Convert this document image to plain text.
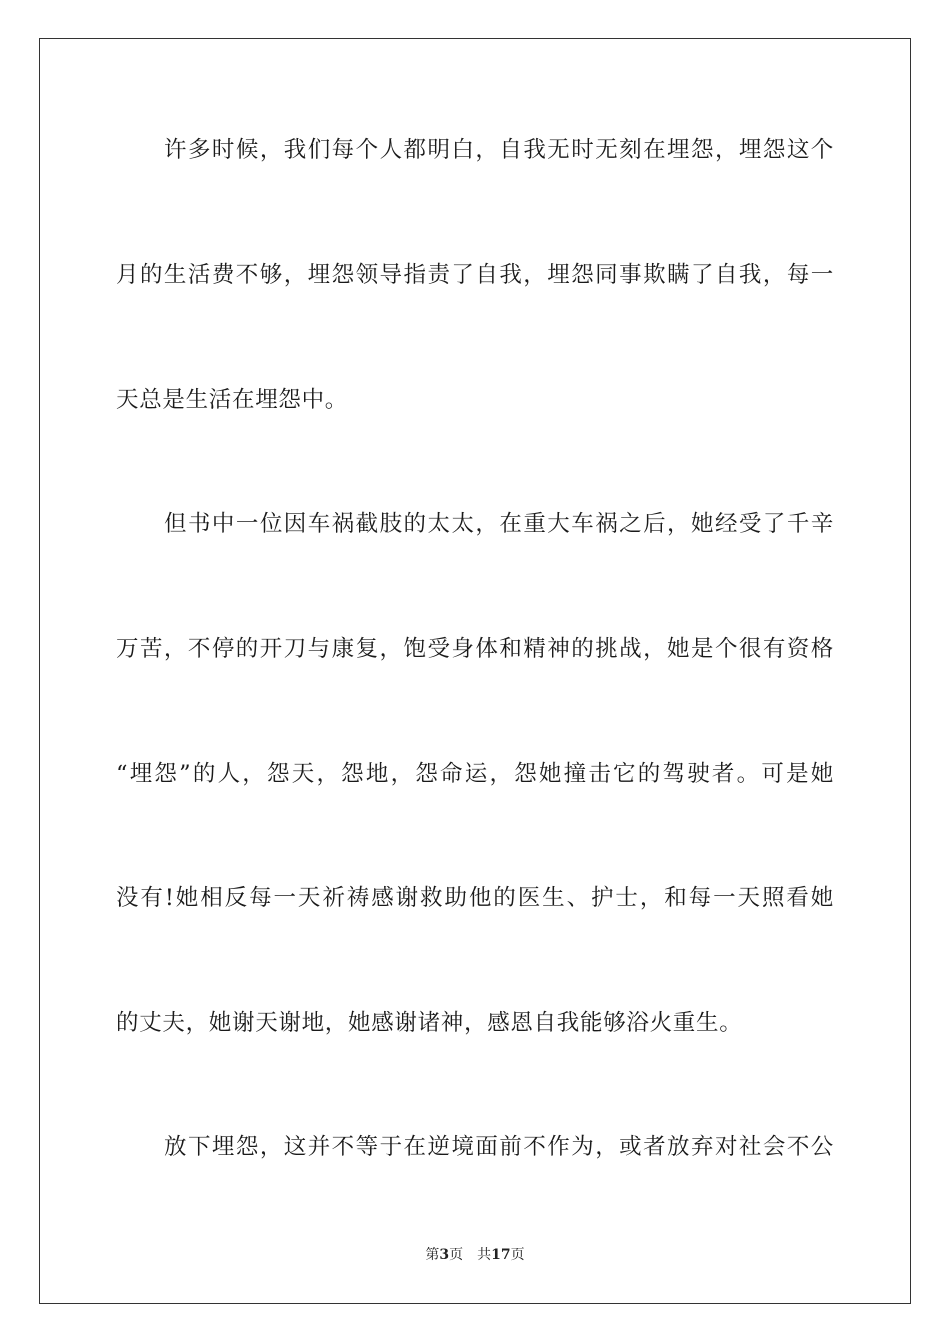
许多时候，我们每个人都明白，自我无时无刻在埋怨，埋怨这个
月的生活费不够，埋怨领导指责了自我，埋怨同事欺瞒了自我，每一
天总是生活在埋怨中。
但书中一位因车祸截肢的太太，在重大车祸之后，她经受了千辛
万苦，不停的开刀与康复，饱受身体和精神的挑战，她是个很有资格
“埋怨”的人，怨天，怨地，怨命运，怨她撞击它的驾驶者。可是她
没有!她相反每一天祈祷感谢救助他的医生、护士，和每一天照看她
的丈夫，她谢天谢地，她感谢诸神，感恩自我能够浴火重生。
放下埋怨，这并不等于在逆境面前不作为，或者放弃对社会不公
第3页 共17页
